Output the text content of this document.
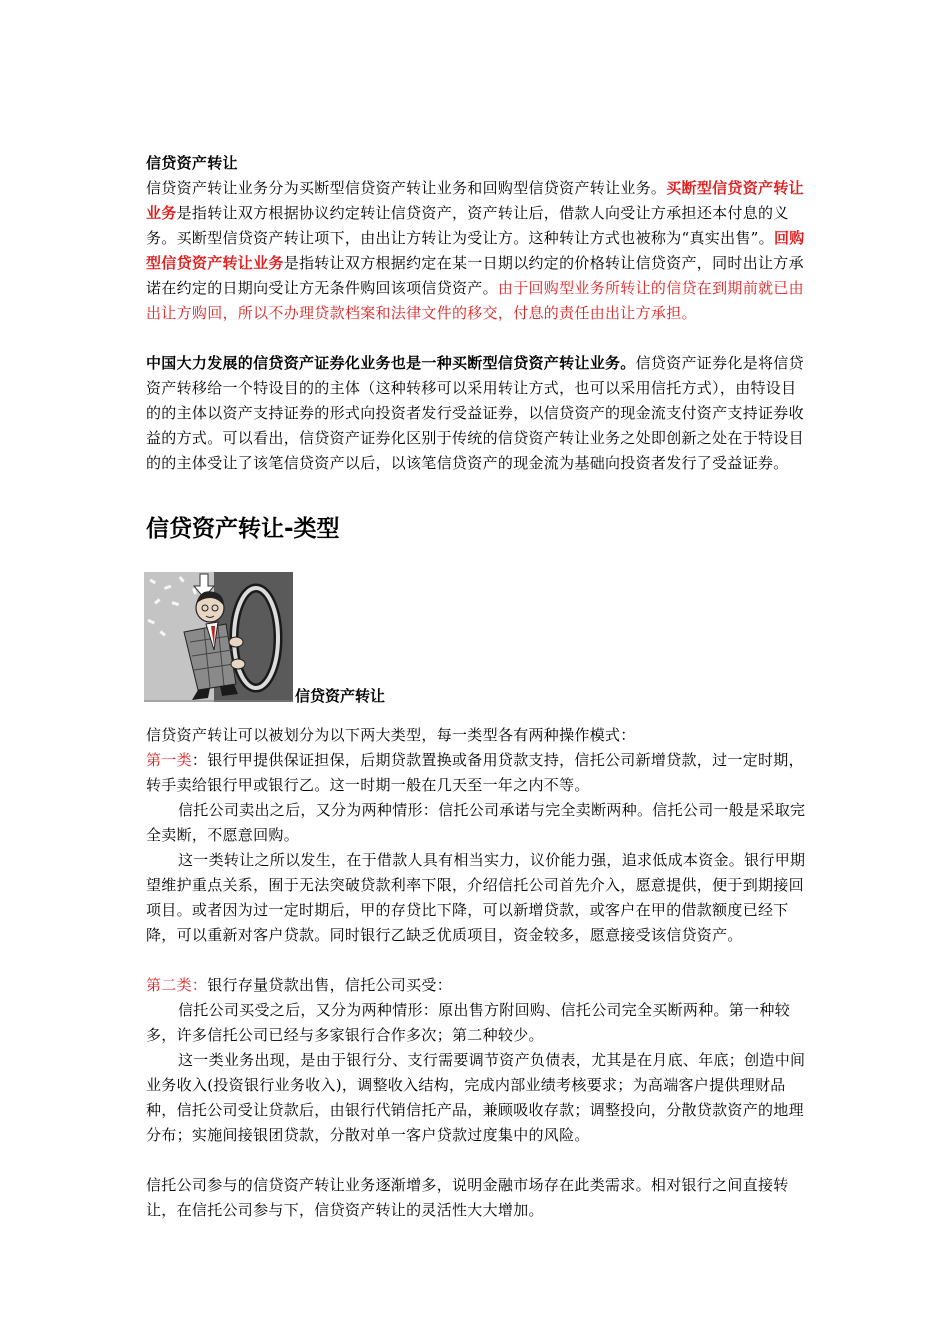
信贷资产转让

信贷资产转让业务分为买断型信贷资产转让业务和回购型信贷资产转让业务。买断型信贷资产转让业务是指转让双方根据协议约定转让信贷资产，资产转让后，借款人向受让方承担还本付息的义务。买断型信贷资产转让项下，由出让方转让为受让方。这种转让方式也被称为“真实出售”。回购型信贷资产转让业务是指转让双方根据约定在某一日期以约定的价格转让信贷资产，同时出让方承诺在约定的日期向受让方无条件购回该项信贷资产。由于回购型业务所转让的信贷在到期前就已由出让方购回，所以不办理贷款档案和法律文件的移交，付息的责任由出让方承担。

中国大力发展的信贷资产证券化业务也是一种买断型信贷资产转让业务。信贷资产证券化是将信贷资产转移给一个特设目的的主体（这种转移可以采用转让方式，也可以采用信托方式），由特设目的的主体以资产支持证券的形式向投资者发行受益证券，以信贷资产的现金流支付资产支持证券收益的方式。可以看出，信贷资产证券化区别于传统的信贷资产转让业务之处即创新之处在于特设目的的主体受让了该笔信贷资产以后，以该笔信贷资产的现金流为基础向投资者发行了受益证券。

信贷资产转让-类型

信贷资产转让

信贷资产转让可以被划分为以下两大类型，每一类型各有两种操作模式：

第一类：银行甲提供保证担保，后期贷款置换或备用贷款支持，信托公司新增贷款，过一定时期，转手卖给银行甲或银行乙。这一时期一般在几天至一年之内不等。

信托公司卖出之后，又分为两种情形：信托公司承诺与完全卖断两种。信托公司一般是采取完全卖断，不愿意回购。

这一类转让之所以发生，在于借款人具有相当实力，议价能力强，追求低成本资金。银行甲期望维护重点关系，囿于无法突破贷款利率下限，介绍信托公司首先介入，愿意提供，便于到期接回项目。或者因为过一定时期后，甲的存贷比下降，可以新增贷款，或客户在甲的借款额度已经下降，可以重新对客户贷款。同时银行乙缺乏优质项目，资金较多，愿意接受该信贷资产。

第二类：银行存量贷款出售，信托公司买受：

信托公司买受之后，又分为两种情形：原出售方附回购、信托公司完全买断两种。第一种较多，许多信托公司已经与多家银行合作多次；第二种较少。

这一类业务出现，是由于银行分、支行需要调节资产负债表，尤其是在月底、年底；创造中间业务收入(投资银行业务收入)，调整收入结构，完成内部业绩考核要求；为高端客户提供理财品种，信托公司受让贷款后，由银行代销信托产品，兼顾吸收存款；调整投向，分散贷款资产的地理分布；实施间接银团贷款，分散对单一客户贷款过度集中的风险。

信托公司参与的信贷资产转让业务逐渐增多，说明金融市场存在此类需求。相对银行之间直接转让，在信托公司参与下，信贷资产转让的灵活性大大增加。
